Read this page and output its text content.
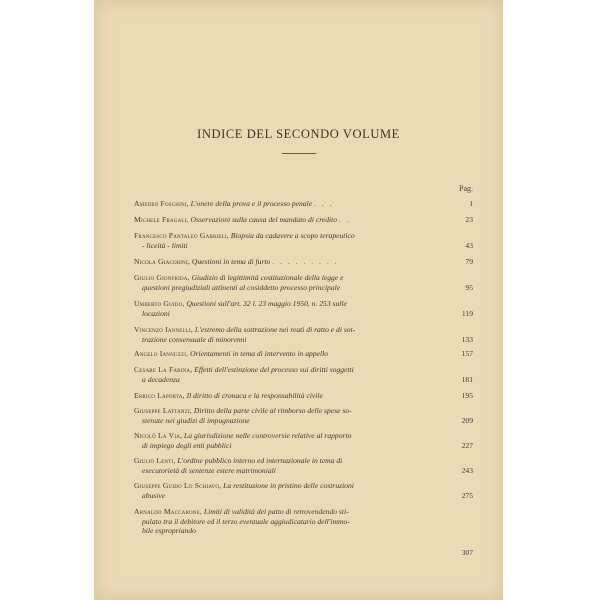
INDICE DEL SECONDO VOLUME
Pag.
Amedeo Foschini, L'onere della prova e il processo penale . . .	1
Michele Fragali, Osservazioni sulla causa del mandato di credito . .	23
Francesco Pantaleo Gabrieli, Biopsia da cadavere a scopo terapeutico
- liceità - limiti	43
Nicola Giacobini, Questioni in tema di furto . . . . . . . . .	79
Giulio Gionfrida, Giudizio di legittimità costituzionale della legge e
questioni pregiudiziali attinenti al cosiddetto processo principale	95
Umberto Guido, Questioni sull'art. 32 l. 23 maggio 1950, n. 253 sulle
locazioni	119
Vincenzo Iannelli, L'estremo della sottrazione nei reati di ratto e di sot-
trazione consensuale di minorenni	133
Angelo Iannuzzi, Orientamenti in tema di intervento in appello	157
Cesare La Farina, Effetti dell'estinzione del processo sui diritti soggetti
a decadenza	181
Errico Laporta, Il diritto di cronaca e la responsabilità civile	195
Giuseppe Lattanzi, Diritto della parte civile al rimborso delle spese so-
stenute nei giudizi di impugnazione	209
Nicolò La Via, La giurisdizione nelle controversie relative al rapporto
di impiego degli enti pubblici	227
Giulio Lenti, L'ordine pubblico interno ed internazionale in tema di
esecutorietà di sentenze estere matrimoniali	243
Giuseppe Guido Lo Schiavo, La restituzione in pristino delle costruzioni
abusive	275
Arnaldo Maccarone, Limiti di validità del patto di retrovendendo sti-
pulato tra il debitore ed il terzo eventuale aggiudicatario dell'immo-
bile espropriando
307
